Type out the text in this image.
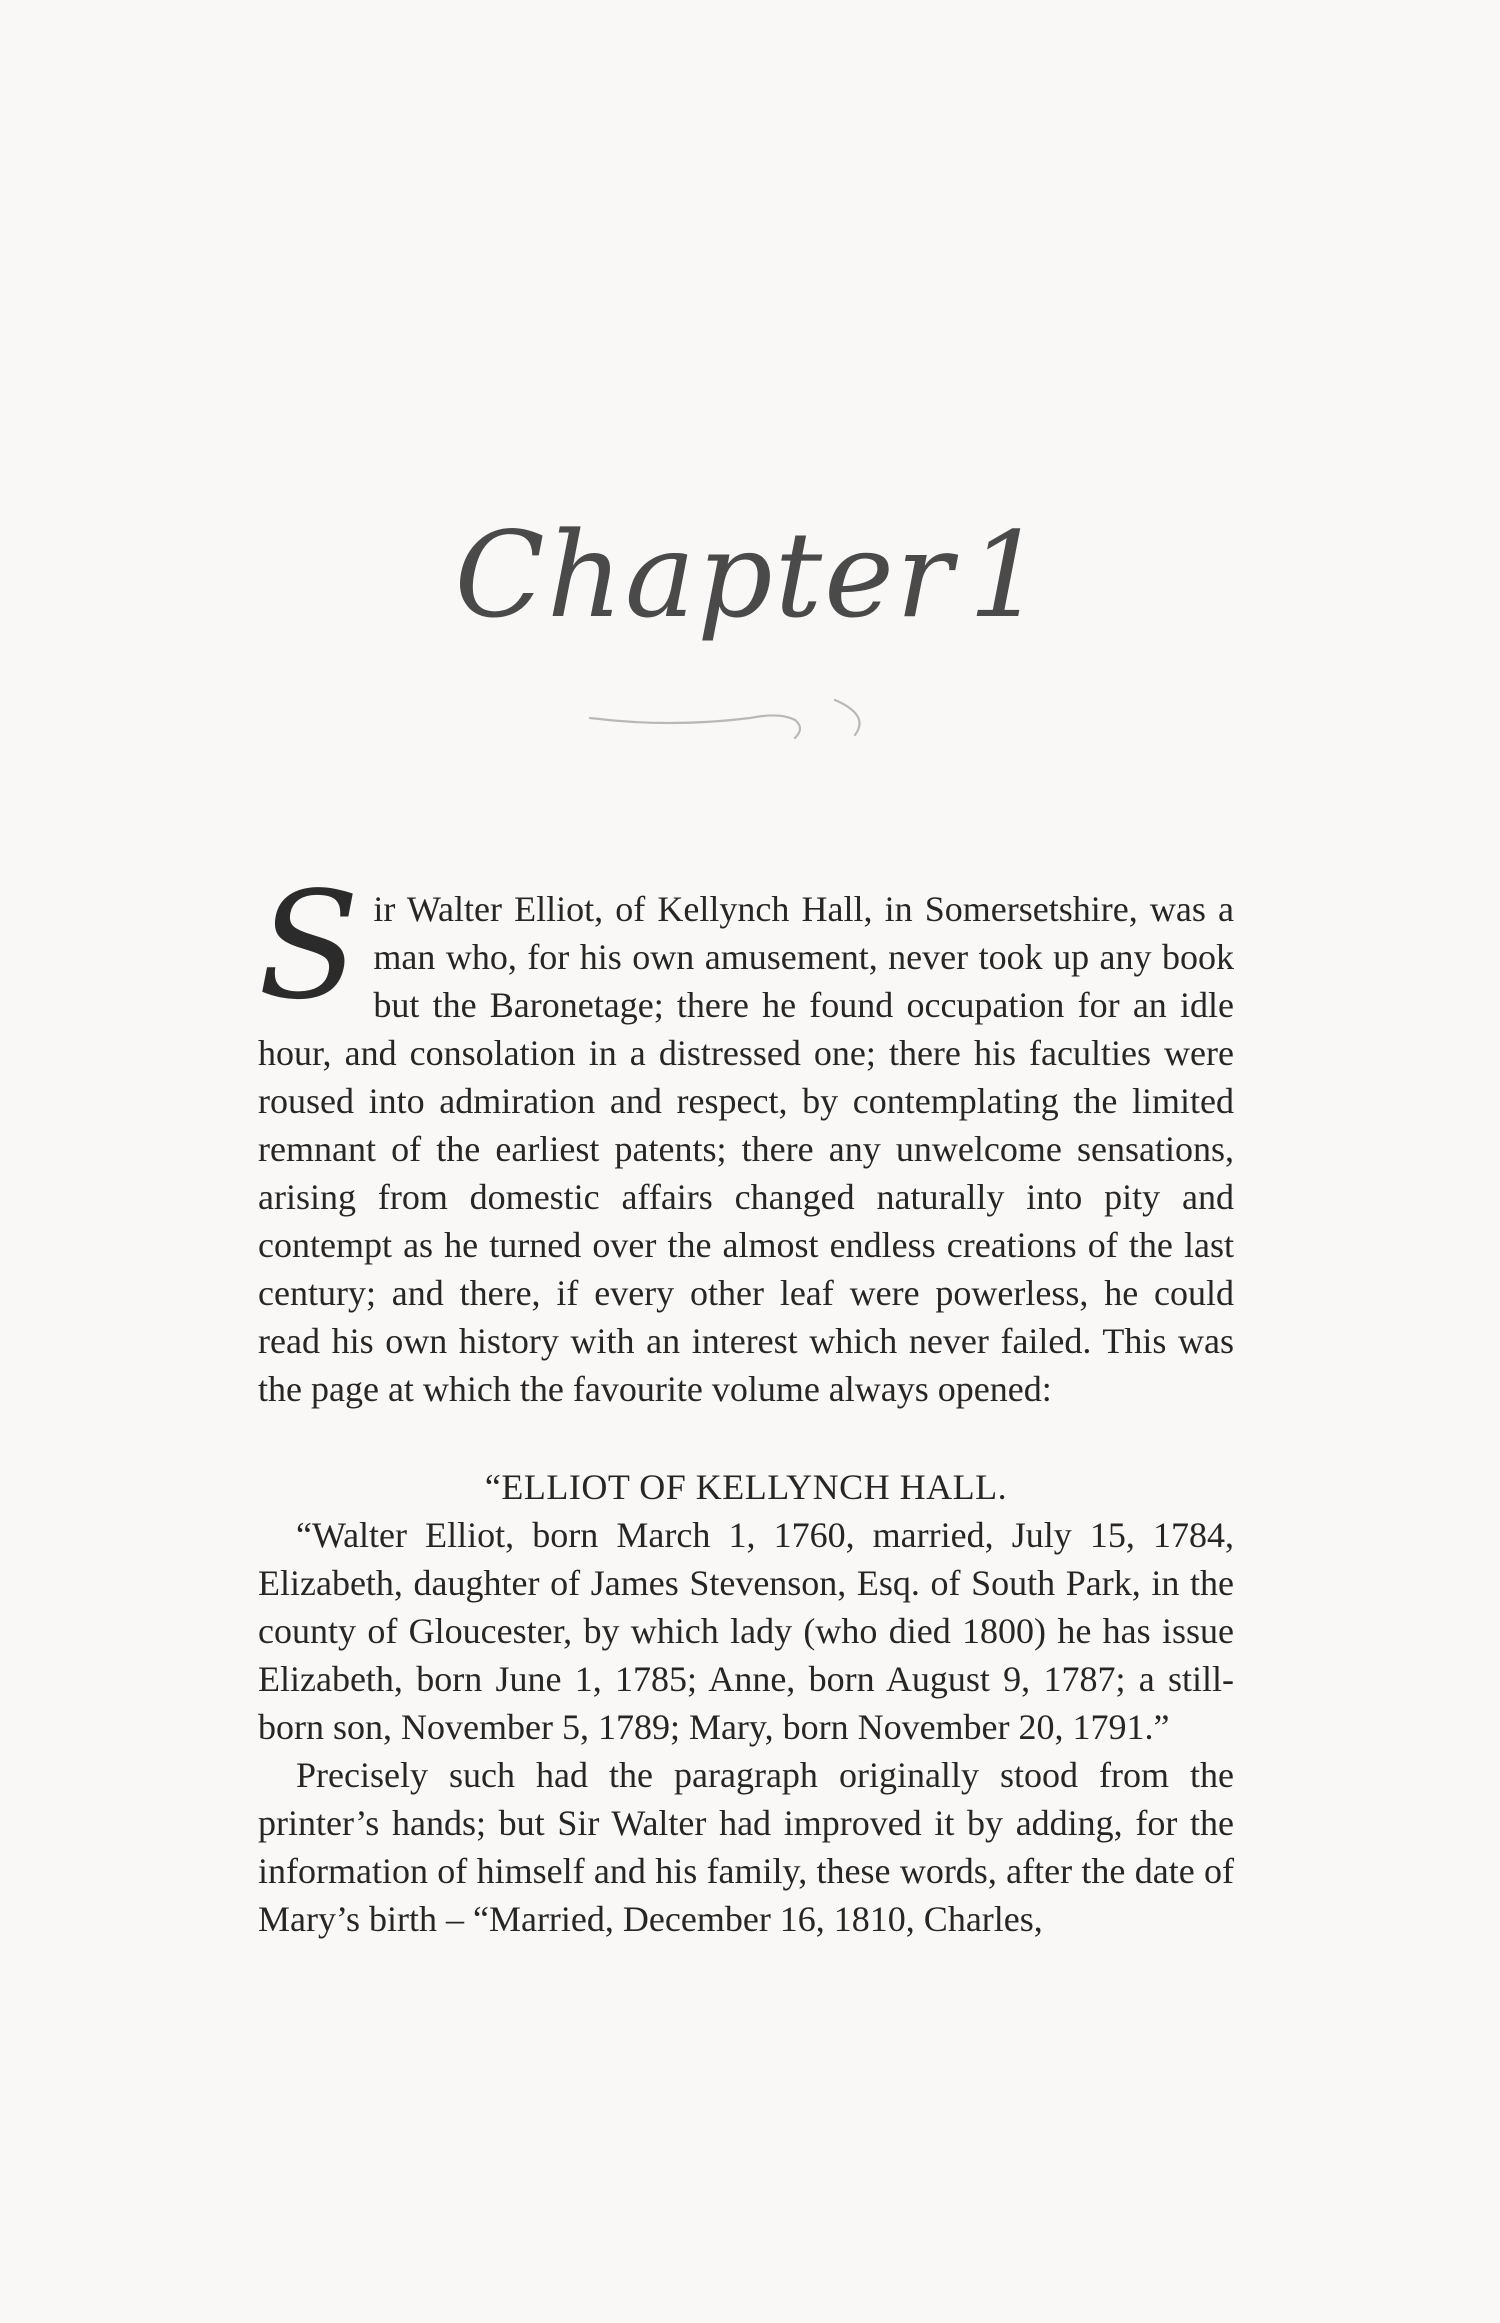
Chapter 1

Sir Walter Elliot, of Kellynch Hall, in Somersetshire, was a man who, for his own amusement, never took up any book but the Baronetage; there he found occupation for an idle hour, and consolation in a distressed one; there his faculties were roused into admiration and respect, by contemplating the limited remnant of the earliest patents; there any unwelcome sensations, arising from domestic affairs changed naturally into pity and contempt as he turned over the almost endless creations of the last century; and there, if every other leaf were powerless, he could read his own history with an interest which never failed. This was the page at which the favourite volume always opened:

“ELLIOT OF KELLYNCH HALL.

“Walter Elliot, born March 1, 1760, married, July 15, 1784, Elizabeth, daughter of James Stevenson, Esq. of South Park, in the county of Gloucester, by which lady (who died 1800) he has issue Elizabeth, born June 1, 1785; Anne, born August 9, 1787; a still-born son, November 5, 1789; Mary, born November 20, 1791.”

Precisely such had the paragraph originally stood from the printer’s hands; but Sir Walter had improved it by adding, for the information of himself and his family, these words, after the date of Mary’s birth – “Married, December 16, 1810, Charles,
